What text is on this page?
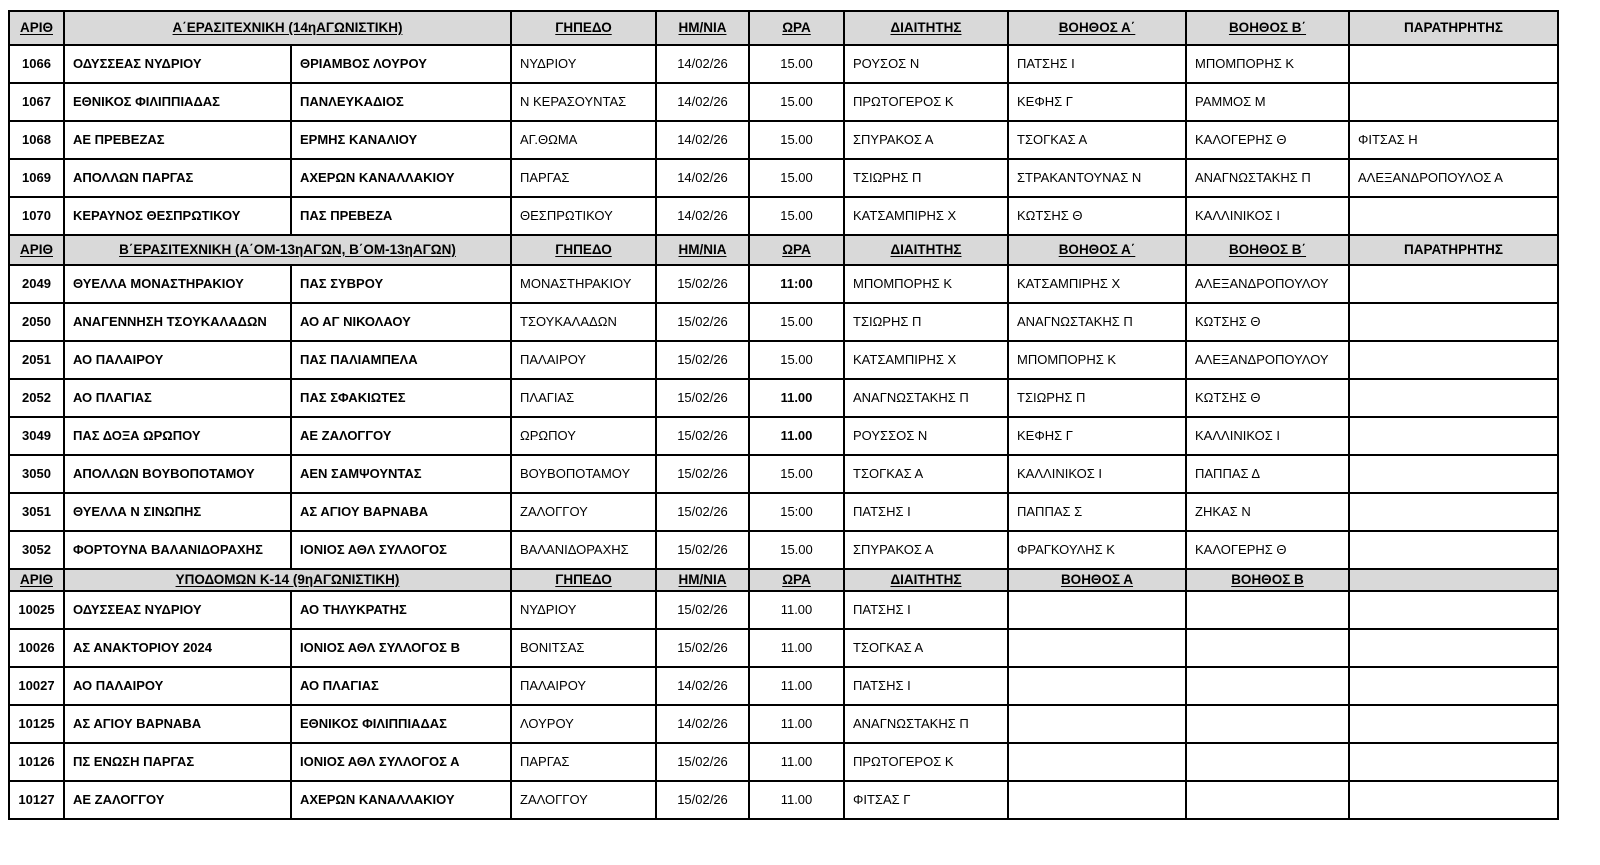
ΑΡΙΘ	Α΄ΕΡΑΣΙΤΕΧΝΙΚΗ (14ηΑΓΩΝΙΣΤΙΚΗ)		ΓΗΠΕΔΟ	ΗΜ/ΝΙΑ	ΩΡΑ	ΔΙΑΙΤΗΤΗΣ	ΒΟΗΘΟΣ Α΄	ΒΟΗΘΟΣ Β΄	ΠΑΡΑΤΗΡΗΤΗΣ
1066	ΟΔΥΣΣΕΑΣ ΝΥΔΡΙΟΥ	ΘΡΙΑΜΒΟΣ ΛΟΥΡΟΥ	ΝΥΔΡΙΟΥ	14/02/26	15.00	ΡΟΥΣΟΣ Ν	ΠΑΤΣΗΣ Ι	ΜΠΟΜΠΟΡΗΣ Κ	
1067	ΕΘΝΙΚΟΣ ΦΙΛΙΠΠΙΑΔΑΣ	ΠΑΝΛΕΥΚΑΔΙΟΣ	Ν ΚΕΡΑΣΟΥΝΤΑΣ	14/02/26	15.00	ΠΡΩΤΟΓΕΡΟΣ Κ	ΚΕΦΗΣ Γ	ΡΑΜΜΟΣ Μ	
1068	ΑΕ ΠΡΕΒΕΖΑΣ	ΕΡΜΗΣ ΚΑΝΑΛΙΟΥ	ΑΓ.ΘΩΜΑ	14/02/26	15.00	ΣΠΥΡΑΚΟΣ Α	ΤΣΟΓΚΑΣ Α	ΚΑΛΟΓΕΡΗΣ Θ	ΦΙΤΣΑΣ Η
1069	ΑΠΟΛΛΩΝ ΠΑΡΓΑΣ	ΑΧΕΡΩΝ ΚΑΝΑΛΛΑΚΙΟΥ	ΠΑΡΓΑΣ	14/02/26	15.00	ΤΣΙΩΡΗΣ Π	ΣΤΡΑΚΑΝΤΟΥΝΑΣ Ν	ΑΝΑΓΝΩΣΤΑΚΗΣ Π	ΑΛΕΞΑΝΔΡΟΠΟΥΛΟΣ Α
1070	ΚΕΡΑΥΝΟΣ ΘΕΣΠΡΩΤΙΚΟΥ	ΠΑΣ ΠΡΕΒΕΖΑ	ΘΕΣΠΡΩΤΙΚΟΥ	14/02/26	15.00	ΚΑΤΣΑΜΠΙΡΗΣ Χ	ΚΩΤΣΗΣ Θ	ΚΑΛΛΙΝΙΚΟΣ Ι	
ΑΡΙΘ	Β΄ΕΡΑΣΙΤΕΧΝΙΚΗ (Α΄ΟΜ-13ηΑΓΩΝ, Β΄ΟΜ-13ηΑΓΩΝ)		ΓΗΠΕΔΟ	ΗΜ/ΝΙΑ	ΩΡΑ	ΔΙΑΙΤΗΤΗΣ	ΒΟΗΘΟΣ Α΄	ΒΟΗΘΟΣ Β΄	ΠΑΡΑΤΗΡΗΤΗΣ
2049	ΘΥΕΛΛΑ ΜΟΝΑΣΤΗΡΑΚΙΟΥ	ΠΑΣ ΣΥΒΡΟΥ	ΜΟΝΑΣΤΗΡΑΚΙΟΥ	15/02/26	11:00	ΜΠΟΜΠΟΡΗΣ Κ	ΚΑΤΣΑΜΠΙΡΗΣ Χ	ΑΛΕΞΑΝΔΡΟΠΟΥΛΟΥ	
2050	ΑΝΑΓΕΝΝΗΣΗ ΤΣΟΥΚΑΛΑΔΩΝ	ΑΟ ΑΓ ΝΙΚΟΛΑΟΥ	ΤΣΟΥΚΑΛΑΔΩΝ	15/02/26	15.00	ΤΣΙΩΡΗΣ Π	ΑΝΑΓΝΩΣΤΑΚΗΣ Π	ΚΩΤΣΗΣ Θ	
2051	ΑΟ ΠΑΛΑΙΡΟΥ	ΠΑΣ ΠΑΛΙΑΜΠΕΛΑ	ΠΑΛΑΙΡΟΥ	15/02/26	15.00	ΚΑΤΣΑΜΠΙΡΗΣ Χ	ΜΠΟΜΠΟΡΗΣ Κ	ΑΛΕΞΑΝΔΡΟΠΟΥΛΟΥ	
2052	ΑΟ ΠΛΑΓΙΑΣ	ΠΑΣ ΣΦΑΚΙΩΤΕΣ	ΠΛΑΓΙΑΣ	15/02/26	11.00	ΑΝΑΓΝΩΣΤΑΚΗΣ Π	ΤΣΙΩΡΗΣ Π	ΚΩΤΣΗΣ Θ	
3049	ΠΑΣ ΔΟΞΑ ΩΡΩΠΟΥ	ΑΕ ΖΑΛΟΓΓΟΥ	ΩΡΩΠΟΥ	15/02/26	11.00	ΡΟΥΣΣΟΣ Ν	ΚΕΦΗΣ Γ	ΚΑΛΛΙΝΙΚΟΣ Ι	
3050	ΑΠΟΛΛΩΝ ΒΟΥΒΟΠΟΤΑΜΟΥ	ΑΕΝ ΣΑΜΨΟΥΝΤΑΣ	ΒΟΥΒΟΠΟΤΑΜΟΥ	15/02/26	15.00	ΤΣΟΓΚΑΣ Α	ΚΑΛΛΙΝΙΚΟΣ Ι	ΠΑΠΠΑΣ Δ	
3051	ΘΥΕΛΛΑ Ν ΣΙΝΩΠΗΣ	ΑΣ ΑΓΙΟΥ ΒΑΡΝΑΒΑ	ΖΑΛΟΓΓΟΥ	15/02/26	15:00	ΠΑΤΣΗΣ Ι	ΠΑΠΠΑΣ Σ	ΖΗΚΑΣ Ν	
3052	ΦΟΡΤΟΥΝΑ ΒΑΛΑΝΙΔΟΡΑΧΗΣ	ΙΟΝΙΟΣ ΑΘΛ ΣΥΛΛΟΓΟΣ	ΒΑΛΑΝΙΔΟΡΑΧΗΣ	15/02/26	15.00	ΣΠΥΡΑΚΟΣ Α	ΦΡΑΓΚΟΥΛΗΣ Κ	ΚΑΛΟΓΕΡΗΣ Θ	
ΑΡΙΘ	ΥΠΟΔΟΜΩΝ Κ-14 (9ηΑΓΩΝΙΣΤΙΚΗ)		ΓΗΠΕΔΟ	ΗΜ/ΝΙΑ	ΩΡΑ	ΔΙΑΙΤΗΤΗΣ	ΒΟΗΘΟΣ Α	ΒΟΗΘΟΣ Β	
10025	ΟΔΥΣΣΕΑΣ ΝΥΔΡΙΟΥ	ΑΟ ΤΗΛΥΚΡΑΤΗΣ	ΝΥΔΡΙΟΥ	15/02/26	11.00	ΠΑΤΣΗΣ Ι			
10026	ΑΣ ΑΝΑΚΤΟΡΙΟΥ 2024	ΙΟΝΙΟΣ ΑΘΛ ΣΥΛΛΟΓΟΣ Β	ΒΟΝΙΤΣΑΣ	15/02/26	11.00	ΤΣΟΓΚΑΣ Α			
10027	ΑΟ ΠΑΛΑΙΡΟΥ	ΑΟ ΠΛΑΓΙΑΣ	ΠΑΛΑΙΡΟΥ	14/02/26	11.00	ΠΑΤΣΗΣ Ι			
10125	ΑΣ ΑΓΙΟΥ ΒΑΡΝΑΒΑ	ΕΘΝΙΚΟΣ ΦΙΛΙΠΠΙΑΔΑΣ	ΛΟΥΡΟΥ	14/02/26	11.00	ΑΝΑΓΝΩΣΤΑΚΗΣ Π			
10126	ΠΣ ΕΝΩΣΗ ΠΑΡΓΑΣ	ΙΟΝΙΟΣ ΑΘΛ ΣΥΛΛΟΓΟΣ Α	ΠΑΡΓΑΣ	15/02/26	11.00	ΠΡΩΤΟΓΕΡΟΣ Κ			
10127	ΑΕ ΖΑΛΟΓΓΟΥ	ΑΧΕΡΩΝ ΚΑΝΑΛΛΑΚΙΟΥ	ΖΑΛΟΓΓΟΥ	15/02/26	11.00	ΦΙΤΣΑΣ Γ			
